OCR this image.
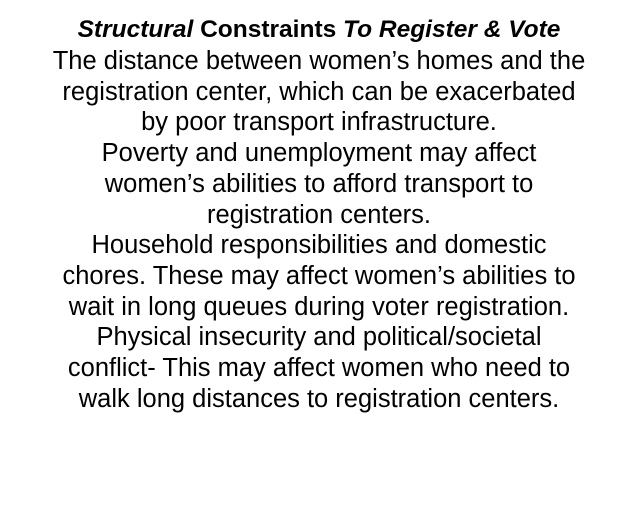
Structural Constraints To Register & Vote

The distance between women’s homes and the
registration center, which can be exacerbated
by poor transport infrastructure.

Poverty and unemployment may affect
women’s abilities to afford transport to
registration centers.

Household responsibilities and domestic
chores. These may affect women’s abilities to
wait in long queues during voter registration.

Physical insecurity and political/societal
conflict- This may affect women who need to
walk long distances to registration centers.
